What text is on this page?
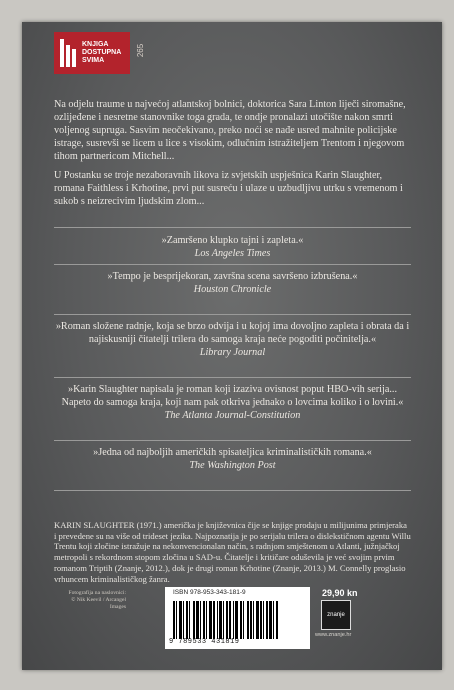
KNJIGA
DOSTUPNA
SVIMA
265
Na odjelu traume u najvećoj atlantskoj bolnici, doktorica Sara Linton liječi siromašne, ozlijeđene i nesretne stanovnike toga grada, te ondje pronalazi utočište nakon smrti voljenog supruga. Sasvim neočekivano, preko noći se nađe usred mahnite policijske istrage, susrevši se licem u lice s visokim, odlučnim istražiteljem Trentom i njegovom tihom partnericom Mitchell...
U Postanku se troje nezaboravnih likova iz svjetskih uspješnica Karin Slaughter, romana Faithless i Krhotine, prvi put susreću i ulaze u uzbudljivu utrku s vremenom i sukob s neizrecivim ljudskim zlom...
»Zamršeno klupko tajni i zapleta.«
Los Angeles Times
»Tempo je besprijekoran, završna scena savršeno izbrušena.«
Houston Chronicle
»Roman složene radnje, koja se brzo odvija i u kojoj ima dovoljno zapleta i obrata da i najiskusniji čitatelji trilera do samoga kraja neće pogoditi počinitelja.«
Library Journal
»Karin Slaughter napisala je roman koji izaziva ovisnost poput HBO-vih serija... Napeto do samoga kraja, koji nam pak otkriva jednako o lovcima koliko i o lovini.«
The Atlanta Journal-Constitution
»Jedna od najboljih američkih spisateljica kriminalističkih romana.«
The Washington Post
KARIN SLAUGHTER (1971.) američka je književnica čije se knjige prodaju u milijunima primjeraka i prevedene su na više od trideset jezika. Najpoznatija je po serijalu trilera o dislekstičnom agentu Willu Trentu koji zločine istražuje na nekonvencionalan način, s radnjom smještenom u Atlanti, južnjačkoj metropoli s rekordnom stopom zločina u SAD-u. Čitatelje i kritičare oduševila je već svojim prvim romanom Triptih (Znanje, 2012.), dok je drugi roman Krhotine (Znanje, 2013.) M. Connelly proglasio vrhuncem kriminalističkog žanra.
Fotografija na naslovnici: © Nik Keevil / Arcangel Images
ISBN 978-953-343-181-9
9 789533 431819
29,90 kn
znanje
www.znanje.hr
